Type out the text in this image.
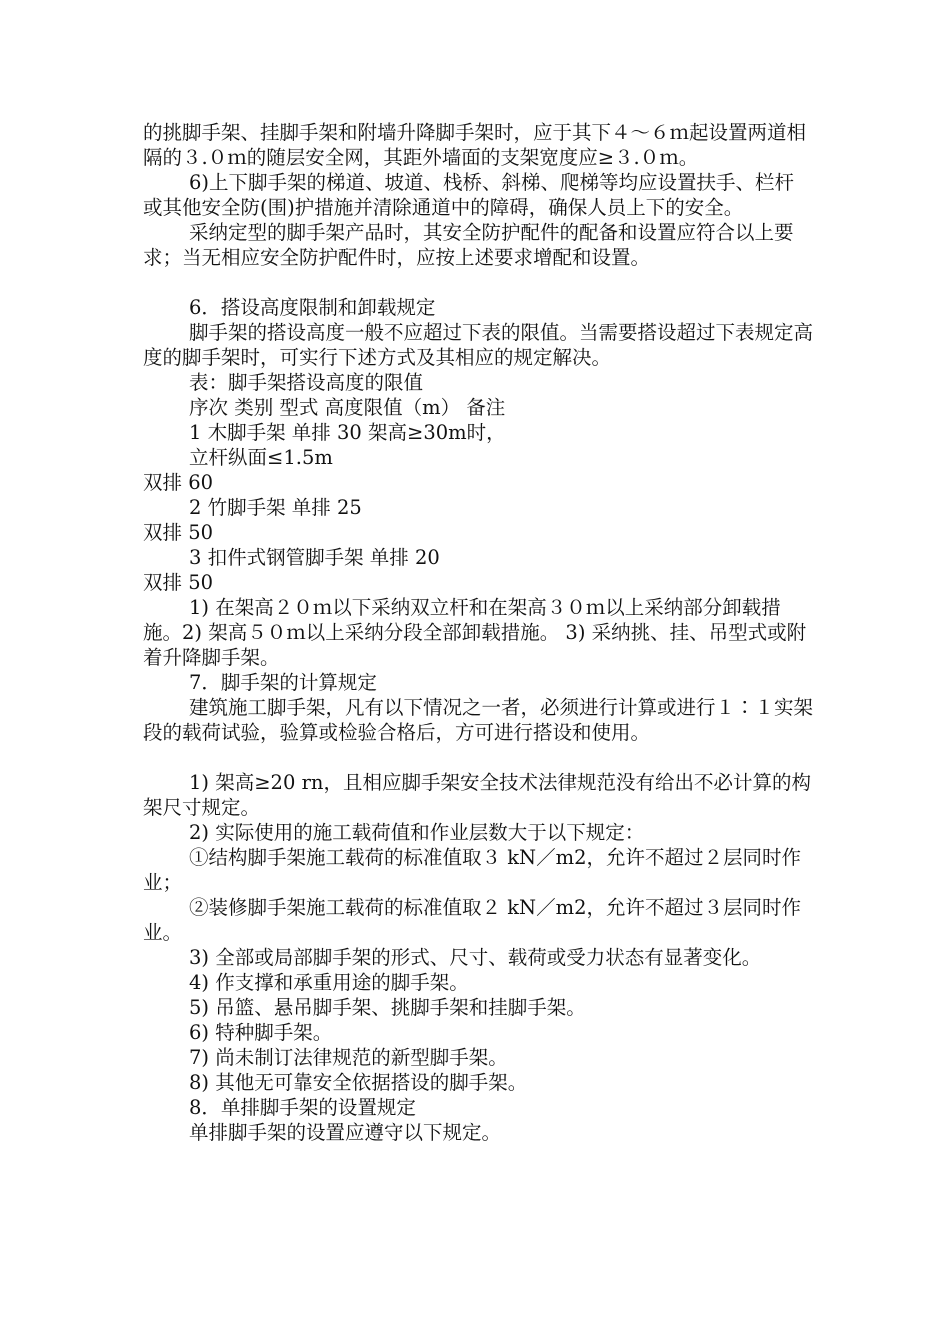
的挑脚手架、挂脚手架和附墙升降脚手架时，应于其下４～６ｍ起设置两道相隔的３.０ｍ的随层安全网，其距外墙面的支架宽度应≥３.０ｍ。

6)上下脚手架的梯道、坡道、栈桥、斜梯、爬梯等均应设置扶手、栏杆或其他安全防(围)护措施并清除通道中的障碍，确保人员上下的安全。

采纳定型的脚手架产品时，其安全防护配件的配备和设置应符合以上要求；当无相应安全防护配件时，应按上述要求增配和设置。

6．搭设高度限制和卸载规定

脚手架的搭设高度一般不应超过下表的限值。当需要搭设超过下表规定高度的脚手架时，可实行下述方式及其相应的规定解决。

表：脚手架搭设高度的限值

序次 类别 型式 高度限值（m） 备注

1 木脚手架 单排 30 架高≥30m时，

立杆纵面≤1.5m

双排 60

2 竹脚手架 单排 25

双排 50

3 扣件式钢管脚手架 单排 20

双排 50

1) 在架高２０ｍ以下采纳双立杆和在架高３０ｍ以上采纳部分卸载措施。2) 架高５０ｍ以上采纳分段全部卸载措施。 3) 采纳挑、挂、吊型式或附着升降脚手架。

7．脚手架的计算规定

建筑施工脚手架，凡有以下情况之一者，必须进行计算或进行１∶１实架段的载荷试验，验算或检验合格后，方可进行搭设和使用。

1) 架高≥20 rn，且相应脚手架安全技术法律规范没有给出不必计算的构架尺寸规定。

2) 实际使用的施工载荷值和作业层数大于以下规定：

①结构脚手架施工载荷的标准值取３ kN／m2，允许不超过２层同时作业；

②装修脚手架施工载荷的标准值取２ kN／m2，允许不超过３层同时作业。

3) 全部或局部脚手架的形式、尺寸、载荷或受力状态有显著变化。

4) 作支撑和承重用途的脚手架。

5) 吊篮、悬吊脚手架、挑脚手架和挂脚手架。

6) 特种脚手架。

7) 尚未制订法律规范的新型脚手架。

8) 其他无可靠安全依据搭设的脚手架。

8．单排脚手架的设置规定

单排脚手架的设置应遵守以下规定。
